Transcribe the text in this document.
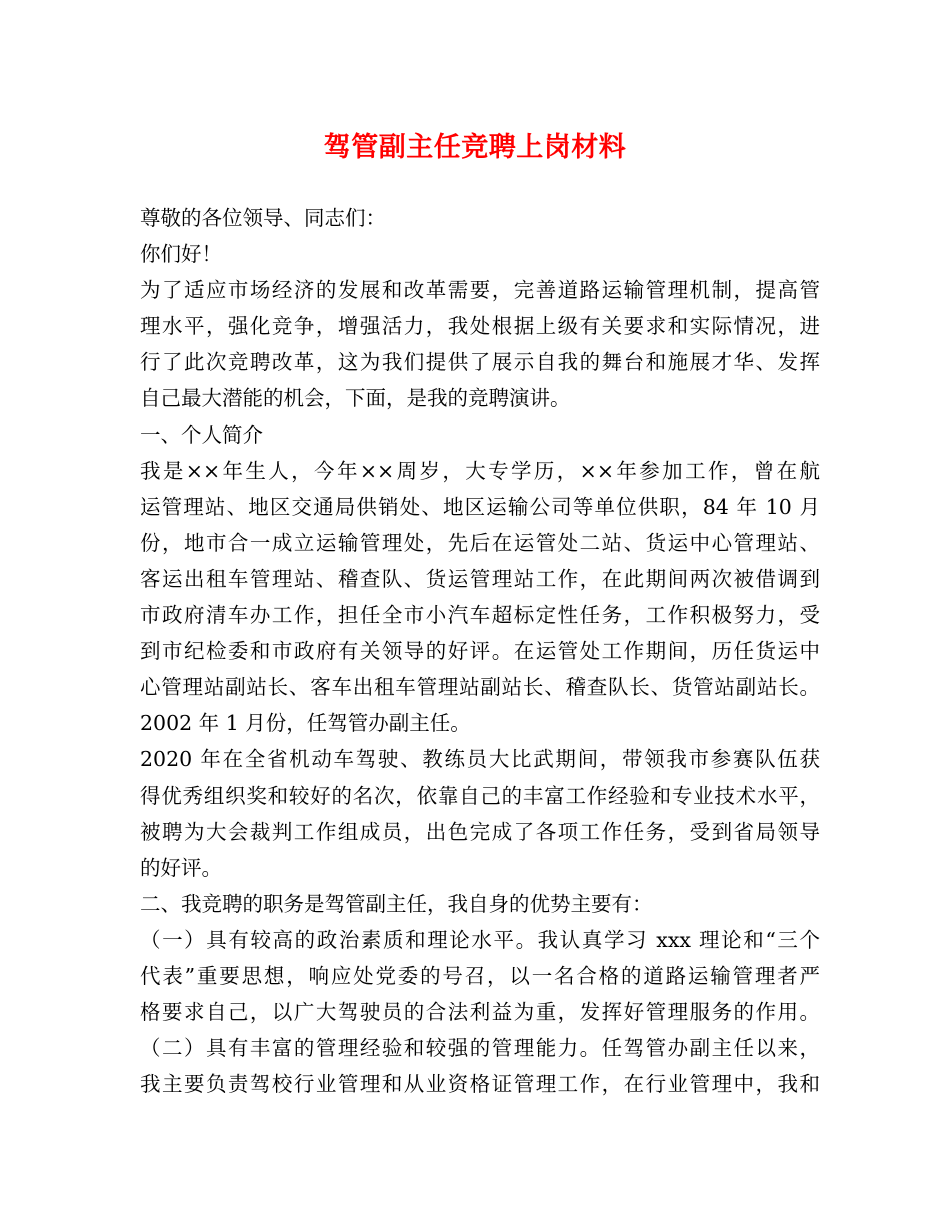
驾管副主任竞聘上岗材料
尊敬的各位领导、同志们：
你们好！
为了适应市场经济的发展和改革需要，完善道路运输管理机制，提高管
理水平，强化竞争，增强活力，我处根据上级有关要求和实际情况，进
行了此次竞聘改革，这为我们提供了展示自我的舞台和施展才华、发挥
自己最大潜能的机会，下面，是我的竞聘演讲。
一、个人简介
我是××年生人，今年××周岁，大专学历，××年参加工作，曾在航
运管理站、地区交通局供销处、地区运输公司等单位供职，84 年 10 月
份，地市合一成立运输管理处，先后在运管处二站、货运中心管理站、
客运出租车管理站、稽查队、货运管理站工作，在此期间两次被借调到
市政府清车办工作，担任全市小汽车超标定性任务，工作积极努力，受
到市纪检委和市政府有关领导的好评。在运管处工作期间，历任货运中
心管理站副站长、客车出租车管理站副站长、稽查队长、货管站副站长。
2002 年 1 月份，任驾管办副主任。
2020 年在全省机动车驾驶、教练员大比武期间，带领我市参赛队伍获
得优秀组织奖和较好的名次，依靠自己的丰富工作经验和专业技术水平，
被聘为大会裁判工作组成员，出色完成了各项工作任务，受到省局领导
的好评。
二、我竞聘的职务是驾管副主任，我自身的优势主要有：
（一）具有较高的政治素质和理论水平。我认真学习 xxx 理论和“三个
代表”重要思想，响应处党委的号召，以一名合格的道路运输管理者严
格要求自己，以广大驾驶员的合法利益为重，发挥好管理服务的作用。
（二）具有丰富的管理经验和较强的管理能力。任驾管办副主任以来，
我主要负责驾校行业管理和从业资格证管理工作，在行业管理中，我和
